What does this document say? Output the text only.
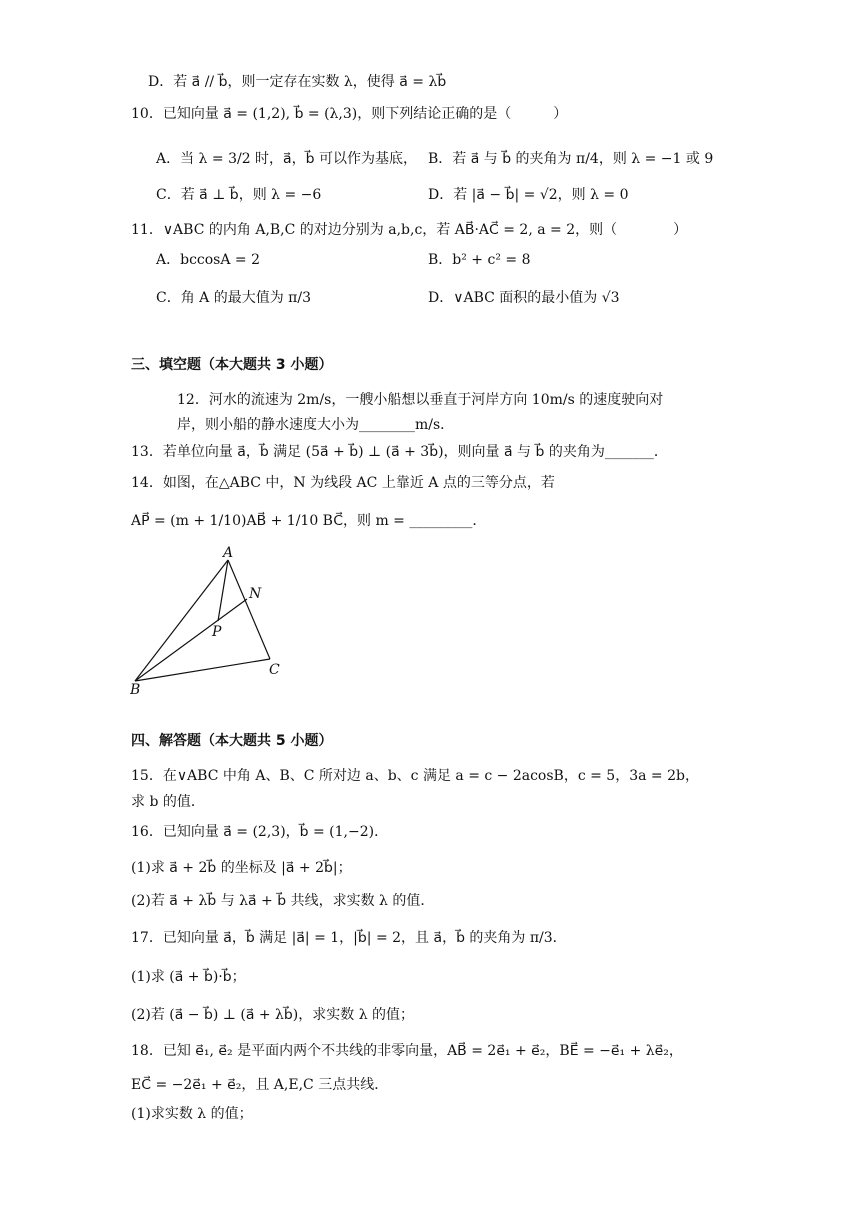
D．若 a⃗ // b⃗，则一定存在实数 λ，使得 a⃗ = λb⃗
10．已知向量 a⃗ = (1,2), b⃗ = (λ,3)，则下列结论正确的是（　　　）
A．当 λ = 3/2 时，a⃗，b⃗ 可以作为基底， B．若 a⃗ 与 b⃗ 的夹角为 π/4，则 λ = −1 或 9
C．若 a⃗ ⊥ b⃗，则 λ = −6	D．若 |a⃗ − b⃗| = √2，则 λ = 0
11．∨ABC 的内角 A,B,C 的对边分别为 a,b,c，若 AB⃗·AC⃗ = 2, a = 2，则（　　　　）
A．bccosA = 2	B．b² + c² = 8
C．角 A 的最大值为 π/3	D．∨ABC 面积的最小值为 √3
三、填空题（本大题共 3 小题）
12．河水的流速为 2m/s，一艘小船想以垂直于河岸方向 10m/s 的速度驶向对
岸，则小船的静水速度大小为________m/s．
13．若单位向量 a⃗，b⃗ 满足 (5a⃗ + b⃗) ⊥ (a⃗ + 3b⃗)，则向量 a⃗ 与 b⃗ 的夹角为_______．
14．如图，在△ABC 中，N 为线段 AC 上靠近 A 点的三等分点，若
AP⃗ = (m + 1/10)AB⃗ + 1/10 BC⃗，则 m = _________．
A
N
P
B
C
四、解答题（本大题共 5 小题）
15．在∨ABC 中角 A、B、C 所对边 a、b、c 满足 a = c − 2acosB，c = 5，3a = 2b，
求 b 的值．
16．已知向量 a⃗ = (2,3)，b⃗ = (1,−2)．
(1)求 a⃗ + 2b⃗ 的坐标及 |a⃗ + 2b⃗|；
(2)若 a⃗ + λb⃗ 与 λa⃗ + b⃗ 共线，求实数 λ 的值．
17．已知向量 a⃗，b⃗ 满足 |a⃗| = 1，|b⃗| = 2，且 a⃗，b⃗ 的夹角为 π/3．
(1)求 (a⃗ + b⃗)·b⃗；
(2)若 (a⃗ − b⃗) ⊥ (a⃗ + λb⃗)，求实数 λ 的值；
18．已知 e⃗₁, e⃗₂ 是平面内两个不共线的非零向量，AB⃗ = 2e⃗₁ + e⃗₂，BE⃗ = −e⃗₁ + λe⃗₂，
EC⃗ = −2e⃗₁ + e⃗₂，且 A,E,C 三点共线．
(1)求实数 λ 的值；
